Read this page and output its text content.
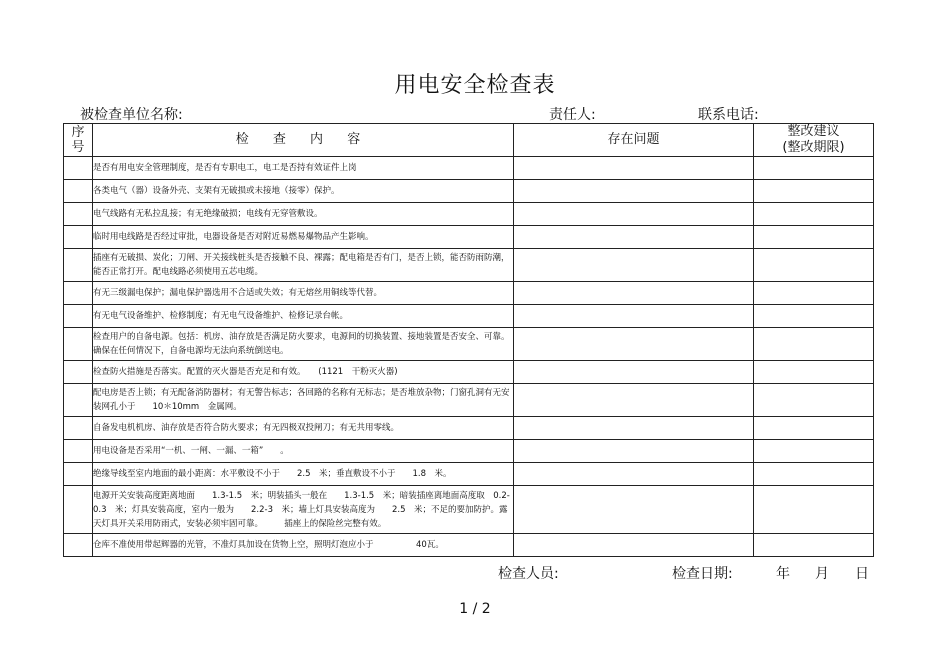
用电安全检查表
被检查单位名称:	责任人:	联系电话:
序号	检 查 内 容	存在问题	整改建议
(整改期限)
	是否有用电安全管理制度，是否有专职电工，电工是否持有效证件上岗		
	各类电气（器）设备外壳、支架有无破损或未接地（接零）保护。		
	电气线路有无私拉乱接；有无绝缘破损；电线有无穿管敷设。		
	临时用电线路是否经过审批，电器设备是否对附近易燃易爆物品产生影响。		
	插座有无破损、炭化；刀闸、开关接线桩头是否接触不良、裸露；配电箱是否有门，是否上锁，能否防雨防潮，能否正常打开。配电线路必须使用五芯电缆。		
	有无三级漏电保护；漏电保护器选用不合适或失效；有无熔丝用铜线等代替。		
	有无电气设备维护、检修制度；有无电气设备维护、检修记录台帐。		
	检查用户的自备电源。包括：机房、油存放是否满足防火要求，电源间的切换装置、接地装置是否安全、可靠。确保在任何情况下，自备电源均无法向系统倒送电。		
	检查防火措施是否落实。配置的灭火器是否充足和有效。　　(1121　干粉灭火器)		
	配电房是否上锁；有无配备消防器材；有无警告标志；各回路的名称有无标志；是否堆放杂物；门窗孔洞有无安装网孔小于　　10＊10mm　金属网。		
	自备发电机机房、油存放是否符合防火要求；有无四极双投闸刀；有无共用零线。		
	用电设备是否采用“一机、一闸、一漏、一箱”　　。		
	绝缘导线至室内地面的最小距离：水平敷设不小于　　2.5　米；垂直敷设不小于　　1.8　米。		
	电源开关安装高度距离地面　　1.3-1.5　米；明装插头一般在　　1.3-1.5　米；暗装插座离地面高度取　0.2-0.3　米；灯具安装高度，室内一般为　　2.2-3　米；墙上灯具安装高度为　　2.5　米；不足的要加防护。露天灯具开关采用防雨式，安装必须牢固可靠。　　　插座上的保险丝完整有效。		
	仓库不准使用带起辉器的光管，不准灯具加设在货物上空，照明灯泡应小于　　　　　40瓦。		
检查人员:	检查日期:	年 月 日
1 / 2
